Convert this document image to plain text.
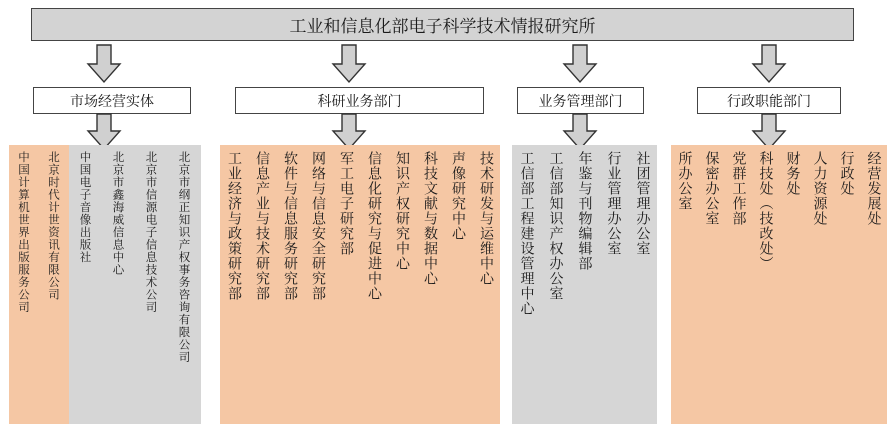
工业和信息化部电子科学技术情报研究所
市场经营实体	科研业务部门	业务管理部门	行政职能部门
中国计算机世界出版服务公司 北京时代计世资讯有限公司 中国电子音像出版社 北京市鑫海威信息中心 北京市信源电子信息技术公司 北京市纲正知识产权事务咨询有限公司 工业经济与政策研究部 信息产业与技术研究部 软件与信息服务研究部 网络与信息安全研究部 军工电子研究部 信息化研究与促进中心 知识产权研究中心 科技文献与数据中心 声像研究中心 技术研发与运维中心 工信部工程建设管理中心 工信部知识产权办公室 年鉴与刊物编辑部 行业管理办公室 社团管理办公室 所办公室 保密办公室 党群工作部 科技处（技改处） 财务处 人力资源处 行政处 经营发展处
